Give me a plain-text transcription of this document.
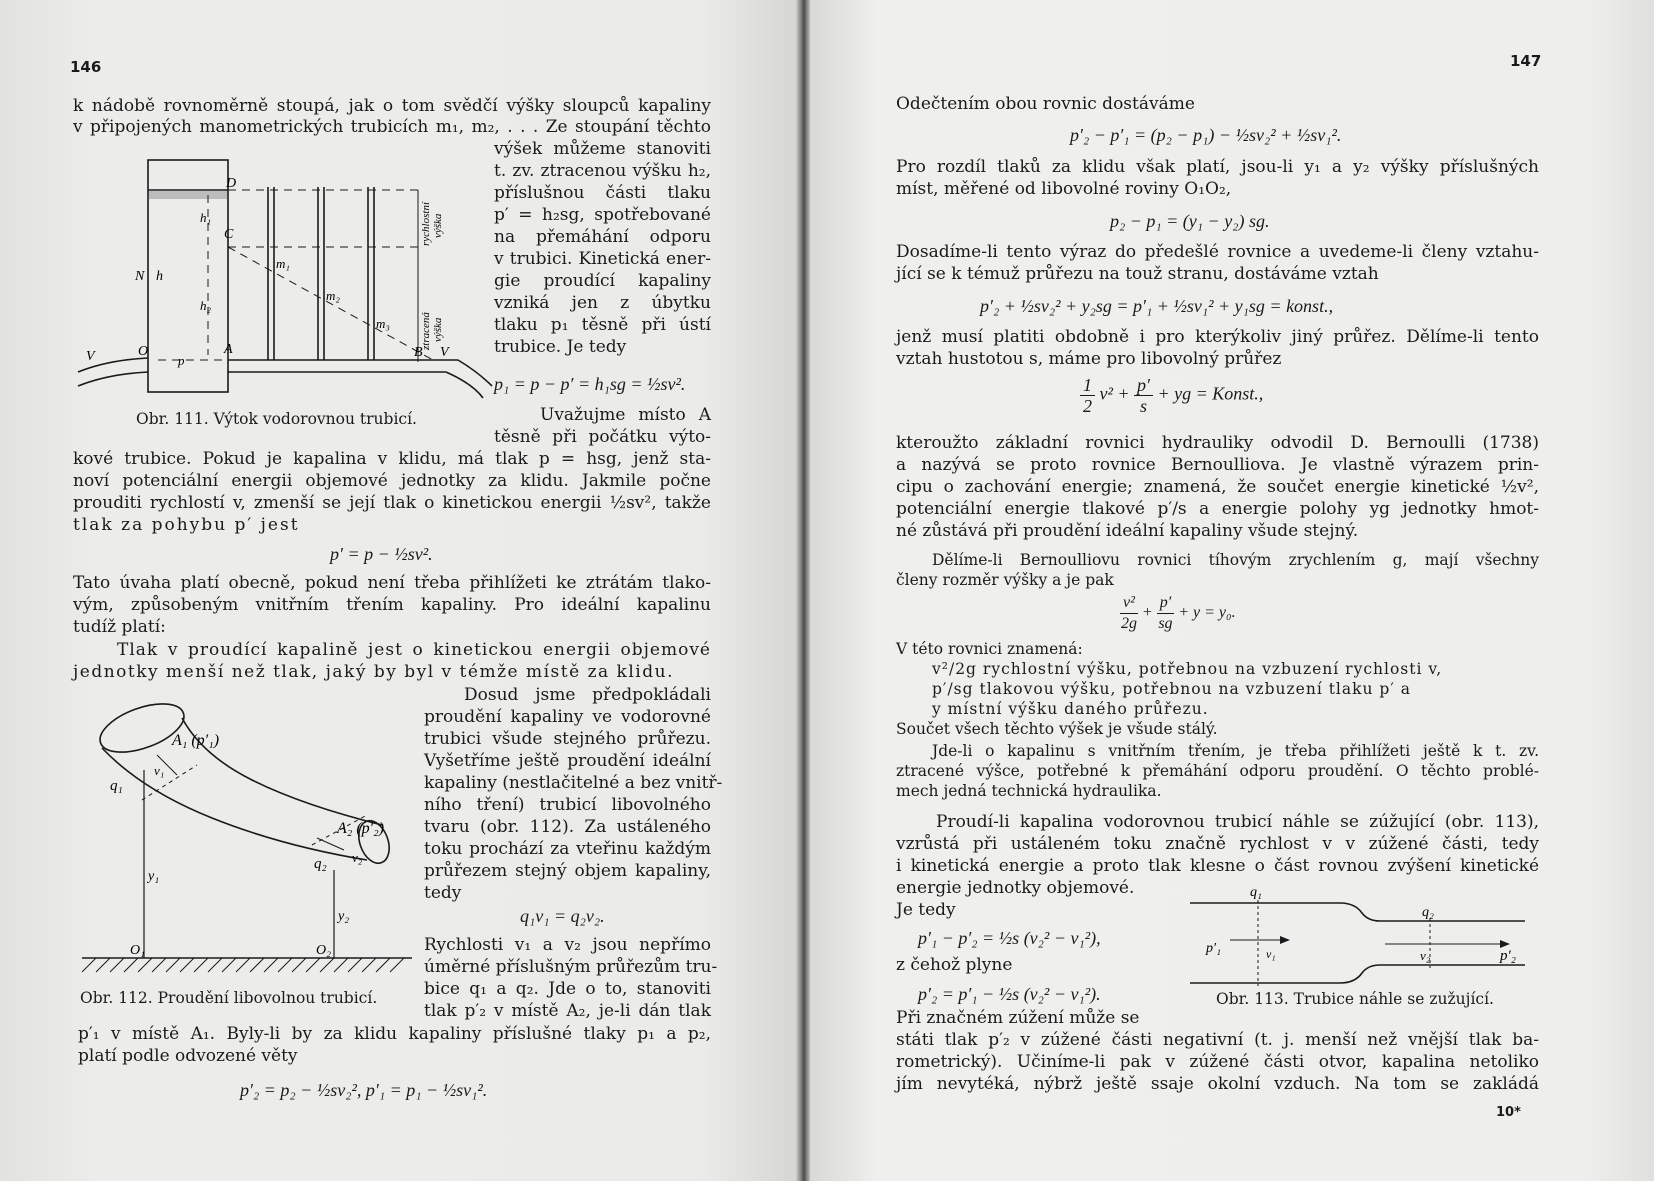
146
k nádobě rovnoměrně stoupá, jak o tom svědčí výšky sloupců kapaliny
v připojených manometrických trubicích m₁, m₂, . . . Ze stoupání těchto
výšek můžeme stanoviti
t. zv. ztracenou výšku h₂,
příslušnou části tlaku
p′ = h₂sg, spotřebované
na přemáhání odporu
v trubici. Kinetická ener-
gie proudící kapaliny
vzniká jen z úbytku
tlaku p₁ těsně při ústí
trubice. Je tedy
p₁ = p − p′ = h₁sg = ½sv².
D
C
A	B
O
N h
h₁
h₂
p
V	V
m₁
m₂
m₃
rychlostní výška
ztracená výška
Obr. 111. Výtok vodorovnou trubicí.	Uvažujme místo A
těsně při počátku výto-
kové trubice. Pokud je kapalina v klidu, má tlak p = hsg, jenž sta-
noví potenciální energii objemové jednotky za klidu. Jakmile počne
prouditi rychlostí v, zmenší se její tlak o kinetickou energii ½sv², takže
tlak za pohybu p′ jest
p′ = p − ½sv².
Tato úvaha platí obecně, pokud není třeba přihlížeti ke ztrátám tlako-
vým, způsobeným vnitřním třením kapaliny. Pro ideální kapalinu
tudíž platí:
Tlak v proudící kapalině jest o kinetickou energii objemové
jednotky menší než tlak, jaký by byl v témže místě za klidu.
Dosud jsme předpokládali
proudění kapaliny ve vodorovné
trubici všude stejného průřezu.
Vyšetříme ještě proudění ideální
kapaliny (nestlačitelné a bez vnitř-
ního tření) trubicí libovolného
tvaru (obr. 112). Za ustáleného
toku prochází za vteřinu každým
průřezem stejný objem kapaliny,
tedy
q₁v₁ = q₂v₂.
Rychlosti v₁ a v₂ jsou nepřímo
úměrné příslušným průřezům tru-
bice q₁ a q₂. Jde o to, stanoviti
tlak p′₂ v místě A₂, je-li dán tlak
A₁ (p′₁)
A₂ (p′₂)
q₁
q₂
v₁
v₂
y₁
y₂
O₁	O₂
Obr. 112. Proudění libovolnou trubicí.
p′₁ v místě A₁. Byly-li by za klidu kapaliny příslušné tlaky p₁ a p₂,
platí podle odvozené věty
p′₂ = p₂ − ½sv₂², p′₁ = p₁ − ½sv₁².
147
Odečtením obou rovnic dostáváme
p′₂ − p′₁ = (p₂ − p₁) − ½sv₂² + ½sv₁².
Pro rozdíl tlaků za klidu však platí, jsou-li y₁ a y₂ výšky příslušných
míst, měřené od libovolné roviny O₁O₂,
p₂ − p₁ = (y₁ − y₂) sg.
Dosadíme-li tento výraz do předešlé rovnice a uvedeme-li členy vztahu-
jící se k témuž průřezu na touž stranu, dostáváme vztah
p′₂ + ½sv₂² + y₂sg = p′₁ + ½sv₁² + y₁sg = konst.,
jenž musí platiti obdobně i pro kterýkoliv jiný průřez. Dělíme-li tento
vztah hustotou s, máme pro libovolný průřez
$\frac{1}{2} v^2 + \frac{p'}{s}$ + yg = Konst.,
kteroužto základní rovnici hydrauliky odvodil D. Bernoulli (1738)
a nazývá se proto rovnice Bernoulliova. Je vlastně výrazem prin-
cipu o zachování energie; znamená, že součet energie kinetické ½v²,
potenciální energie tlakové p′/s a energie polohy yg jednotky hmot-
né zůstává při proudění ideální kapaliny všude stejný.
Dělíme-li Bernoulliovu rovnici tíhovým zrychlením g, mají všechny
členy rozměr výšky a je pak
$\frac{\text{v²}}{2g} + \frac{p'}{sg} + y = y_0$.
V této rovnici znamená:
v²/2g rychlostní výšku, potřebnou na vzbuzení rychlosti v,
p′/sg tlakovou výšku, potřebnou na vzbuzení tlaku p′ a
y místní výšku daného průřezu.
Součet všech těchto výšek je všude stálý.
Jde-li o kapalinu s vnitřním třením, je třeba přihlížeti ještě k t. zv.
ztracené výšce, potřebné k přemáhání odporu proudění. O těchto problé-
mech jedná technická hydraulika.
Proudí-li kapalina vodorovnou trubicí náhle se zúžující (obr. 113),
vzrůstá při ustáleném toku značně rychlost v v zúžené části, tedy
i kinetická energie a proto tlak klesne o část rovnou zvýšení kinetické
energie jednotky objemové.
Je tedy
p′₁ − p′₂ = ½s (v₂² − v₁²),
z čehož plyne
p′₂ = p′₁ − ½s (v₂² − v₁²).
Při značném zúžení může se
státi tlak p′₂ v zúžené části negativní (t. j. menší než vnější tlak ba-
rometrický). Učiníme-li pak v zúžené části otvor, kapalina netoliko
jím nevytéká, nýbrž ještě ssaje okolní vzduch. Na tom se zakládá
q₁
q₂
p′₁	v₁	v₂	p′₂
Obr. 113. Trubice náhle se zužující.
10*
